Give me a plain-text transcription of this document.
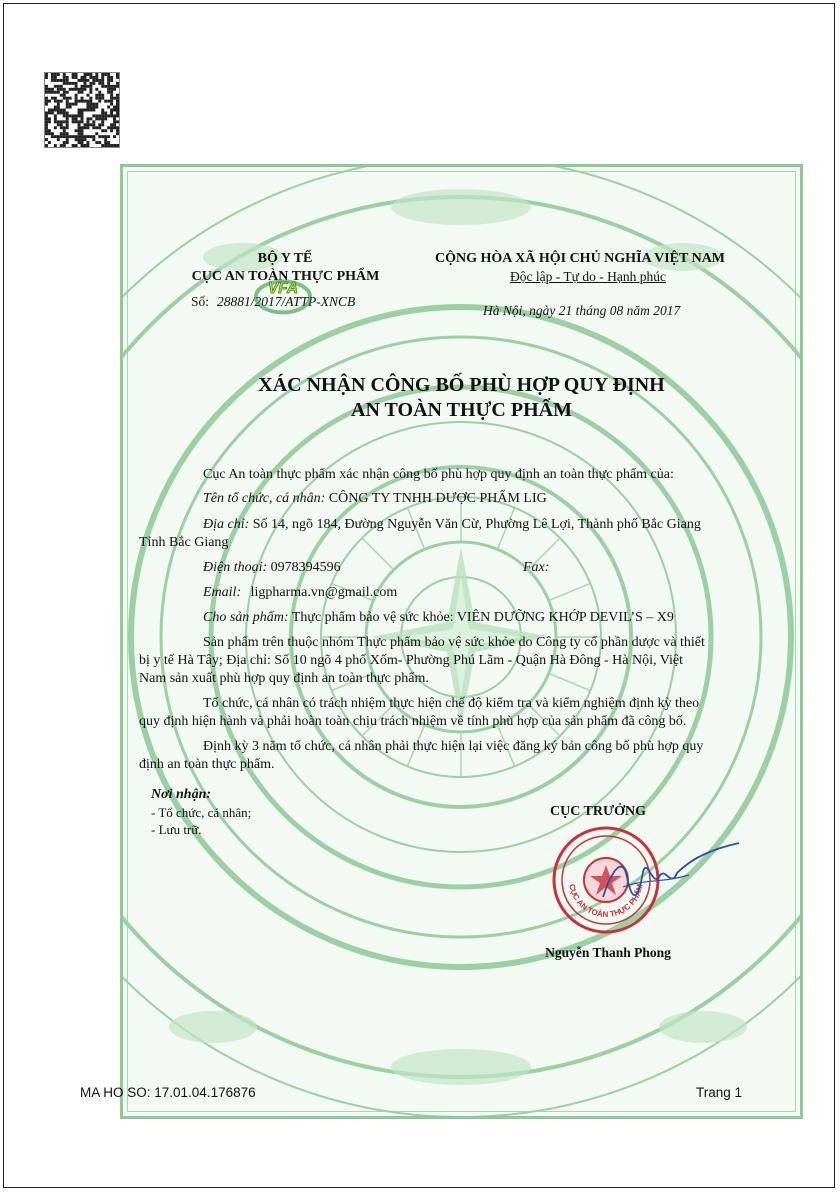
BỘ Y TẾ
CỤC AN TOÀN THỰC PHẨM
Số: 28881/2017/ATTP-XNCB
CỘNG HÒA XÃ HỘI CHỦ NGHĨA VIỆT NAM
Độc lập - Tự do - Hạnh phúc
Hà Nội, ngày 21 tháng 08 năm 2017
XÁC NHẬN CÔNG BỐ PHÙ HỢP QUY ĐỊNH
AN TOÀN THỰC PHẨM
Cục An toàn thực phẩm xác nhận công bố phù hợp quy định an toàn thực phẩm của:
Tên tổ chức, cá nhân: CÔNG TY TNHH DƯỢC PHẨM LIG
Địa chỉ: Số 14, ngõ 184, Đường Nguyễn Văn Cừ, Phường Lê Lợi, Thành phố Bắc Giang
Tỉnh Bắc Giang
Điện thoại: 0978394596	Fax:
Email: ligpharma.vn@gmail.com
Cho sản phẩm: Thực phẩm bảo vệ sức khỏe: VIÊN DƯỠNG KHỚP DEVIL’S – X9
Sản phẩm trên thuộc nhóm Thực phẩm bảo vệ sức khỏe do Công ty cổ phần dược và thiết
bị y tế Hà Tây; Địa chỉ: Số 10 ngõ 4 phố Xốm- Phường Phú Lãm - Quận Hà Đông - Hà Nội, Việt
Nam sản xuất phù hợp quy định an toàn thực phẩm.
Tổ chức, cá nhân có trách nhiệm thực hiện chế độ kiểm tra và kiểm nghiệm định kỳ theo
quy định hiện hành và phải hoàn toàn chịu trách nhiệm về tính phù hợp của sản phẩm đã công bố.
Định kỳ 3 năm tổ chức, cá nhân phải thực hiện lại việc đăng ký bản công bố phù hợp quy
định an toàn thực phẩm.
Nơi nhận:
- Tổ chức, cá nhân;
- Lưu trữ.
CỤC TRƯỞNG
Nguyễn Thanh Phong
VFA
CỤC AN TOÀN THỰC PHẨM
MA HO SO: 17.01.04.176876	Trang 1
